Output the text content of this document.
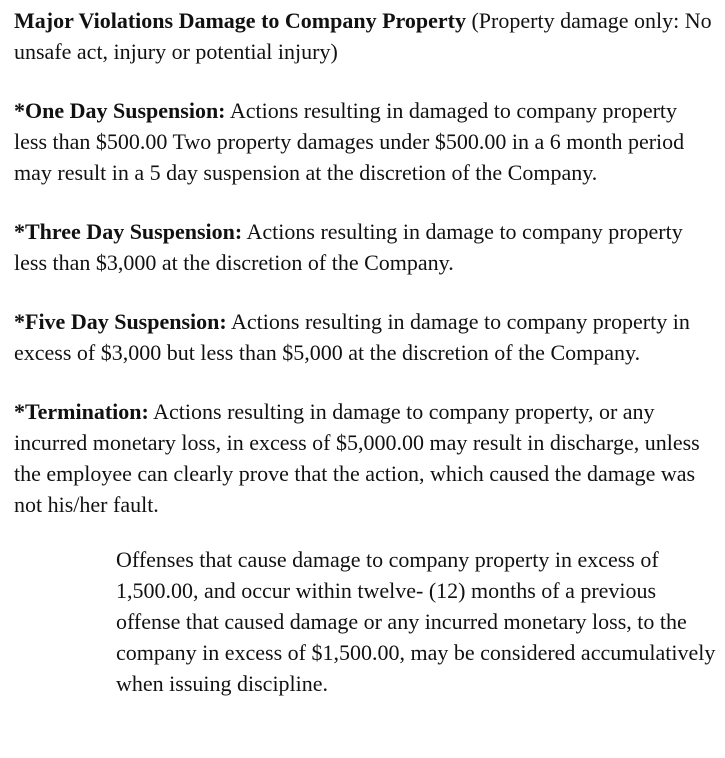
Major Violations Damage to Company Property (Property damage only: No unsafe act, injury or potential injury)

*One Day Suspension: Actions resulting in damaged to company property less than $500.00 Two property damages under $500.00 in a 6 month period may result in a 5 day suspension at the discretion of the Company.

*Three Day Suspension: Actions resulting in damage to company property less than $3,000 at the discretion of the Company.

*Five Day Suspension: Actions resulting in damage to company property in excess of $3,000 but less than $5,000 at the discretion of the Company.

*Termination: Actions resulting in damage to company property, or any incurred monetary loss, in excess of $5,000.00 may result in discharge, unless the employee can clearly prove that the action, which caused the damage was not his/her fault.

Offenses that cause damage to company property in excess of 1,500.00, and occur within twelve- (12) months of a previous offense that caused damage or any incurred monetary loss, to the company in excess of $1,500.00, may be considered accumulatively when issuing discipline.
